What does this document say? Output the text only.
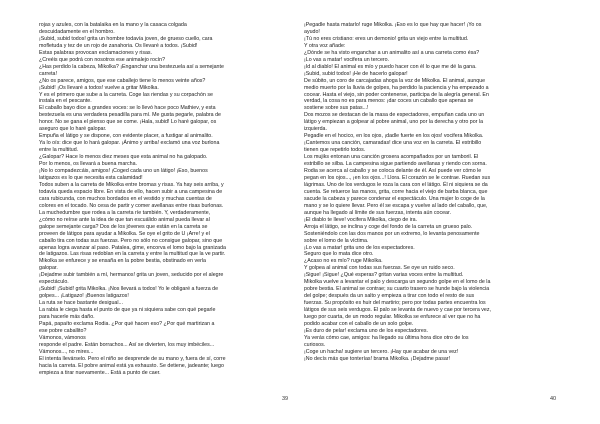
rojas y azules, con la batalaika en la mano y la casaca colgada

descuidadamente en el hombro.

¡Subid, subid todos! grita un hombre todavía joven, de grueso cuello, cara

mofletuda y tez de un rojo de zanahoria. Os llevaré a todos. ¡Subid!

Estas palabras provocan exclamaciones y risas.

¿Creéis que podrá con nosotros ese animalejo rocín?

¿Has perdido la cabeza, Mikolka? ¡Enganchar una bestezuela así a semejante

carreta!

¿No os parece, amigos, que ese caballejo tiene lo menos veinte años?

¡Subid! ¡Os llevaré a todos! vuelve a gritar Mikolka.

Y es el primero que sube a la carreta. Coge las riendas y su corpachón se

instala en el pescante.

El caballo bayo dice a grandes voces: se lo llevó hace poco Mathiev, y esta

bestezuela es una verdadera pesadilla para mí. Me gusta pegarle, palabra de

honor. No se gana el pienso que se come. ¡Hala, subid! Lo haré galopar, os

aseguro que lo haré galopar.

Empuña el látigo y se dispone, con evidente placer, a fustigar al animalito.

Ya lo oís: dice que lo hará galopar. ¡Ánimo y arriba! exclamó una voz burlona

entre la multitud.

¿Galopar? Hace lo menos diez meses que esta animal no ha galopado.

Por lo menos, os llevará a buena marcha.

¡No lo compadezcáis, amigos! ¡Coged cada uno un látigo! ¡Eso, buenos

latigazos es lo que necesita esta calamidad!

Todos suben a la carreta de Mikolka entre bromas y risas. Ya hay seis arriba, y

todavía queda espacio libre. En vista de ello, hacen subir a una campesina de

cara rubicunda, con muchos bordados en el vestido y muchas cuentas de

colores en el tocado. No cesa de partir y comer avellanas entre risas burlonas.

La muchedumbre que rodea a la carreta ríe también. Y, verdaderamente,

¿cómo no reírse ante la idea de que tan escuálido animal pueda llevar al

galope semejante carga? Dos de los jóvenes que están en la carreta se

proveen de látigos para ayudar a Mikolka. Se oye el grito de U ¡Arre! y el

caballo tira con todas sus fuerzas. Pero no sólo no consigue galopar, sino que

apenas logra avanzar al paso. Patalea, gime, encorva el lomo bajo la granizada

de latigazos. Las risas redoblan en la carreta y entre la multitud que la ve partir.

Mikolka se enfurece y se ensaña en la pobre bestia, obstinado en verla

galopar.

¡Dejadme subir también a mí, hermanos! grita un joven, seducido por el alegre

espectáculo.

¡Subid! ¡Subid! grita Mikolka. ¡Nos llevará a todos! Yo le obligaré a fuerza de

golpes... ¡Latigazo! ¡Buenos latigazos!

La ruta se hace bastante desigual...

La rabia le ciega hasta el punto de que ya ni siquiera sabe con qué pegarle

para hacerle más daño.

Papá, papaíto exclama Rodia. ¿Por qué hacen eso? ¿Por qué martirizan a

ese pobre caballito?

Vámonos, vámonos

responde el padre. Están borrachos... Así se divierten, los muy imbéciles...

Vámonos..., no mires...

El intenta llevárselo. Pero el niño se desprende de su mano y, fuera de sí, corre

hacia la carreta. El pobre animal está ya exhausto. Se detiene, jadeante; luego

empieza a tirar nuevamente... Está a punto de caer.

¡Pegadle hasta matarlo! ruge Mikolka. ¡Eso es lo que hay que hacer! ¡Yo os

ayudo!

¡Tú no eres cristiano: eres un demonio! grita un viejo entre la multitud.

Y otra voz añade:

¿Dónde se ha visto enganchar a un animalito así a una carreta como ésa?

¡Lo vas a matar! vocifera un tercero.

¡Id al diablo! El animal es mío y puedo hacer con él lo que me dé la gana.

¡Subid, subid todos! ¡He de hacerlo galopar!

De súbito, un coro de carcajadas ahoga la voz de Mikolka. El animal, aunque

medio muerto por la lluvia de golpes, ha perdido la paciencia y ha empezado a

cocear. Hasta el viejo, sin poder contenerse, participa de la alegría general. En

verdad, la cosa no es para menos: ¡dar coces un caballo que apenas se

sostiene sobre sus patas...!

Dos mozos se destacan de la masa de espectadores, empuñan cada uno un

látigo y empiezan a golpear al pobre animal, uno por la derecha y otro por la

izquierda.

Pegadle en el hocico, en los ojos, ¡dadle fuerte en los ojos! vocifera Mikolka.

¡Cantemos una canción, camaradas! dice una voz en la carreta. El estribillo

tienen que repetirlo todos.

Los mujiks entonan una canción grosera acompañados por un tamboril. El

estribillo se silba. La campesina sigue partiendo avellanas y riendo con sorna.

Rodia se acerca al caballo y se coloca delante de él. Así puede ver cómo le

pegan en los ojos..., ¡en los ojos...! Llora. El corazón se le contrae. Ruedan sus

lágrimas. Uno de los verdugos le roza la cara con el látigo. Él ni siquiera se da

cuenta. Se retuerce las manos, grita, corre hacia el viejo de barba blanca, que

sacude la cabeza y parece condenar el espectáculo. Una mujer lo coge de la

mano y se lo quiere llevar. Pero él se escapa y vuelve al lado del caballo, que,

aunque ha llegado al límite de sus fuerzas, intenta aún cocear.

¡El diablo te lleve! vocifera Mikolka, ciego de ira.

Arroja el látigo, se inclina y coge del fondo de la carreta un grueso palo.

Sosteniéndolo con las dos manos por un extremo, lo levanta penosamente

sobre el lomo de la víctima.

¡Lo vas a matar! grita uno de los espectadores.

Seguro que lo mata dice otro.

¿Acaso no es mío? ruge Mikolka.

Y golpea al animal con todas sus fuerzas. Se oye un ruido seco.

¡Sigue! ¡Sigue! ¿Qué esperas? gritan varias voces entre la multitud.

Mikolka vuelve a levantar el palo y descarga un segundo golpe en el lomo de la

pobre bestia. El animal se contrae; su cuarto trasero se hunde bajo la violencia

del golpe; después da un salto y empieza a tirar con todo el resto de sus

fuerzas. Su propósito es huir del martirio; pero por todas partes encuentra los

látigos de sus seis verdugos. El palo se levanta de nuevo y cae por tercera vez,

luego por cuarta, de un modo regular. Mikolka se enfurece al ver que no ha

podido acabar con el caballo de un solo golpe.

¡Es duro de pelar! exclama uno de los espectadores.

Ya verás cómo cae, amigos: ha llegado su última hora dice otro de los

curiosos.

¡Coge un hacha! sugiere un tercero. ¡Hay que acabar de una vez!

¡No decís más que tonterías! brama Mikolka. ¡Dejadme pasar!

39	40
